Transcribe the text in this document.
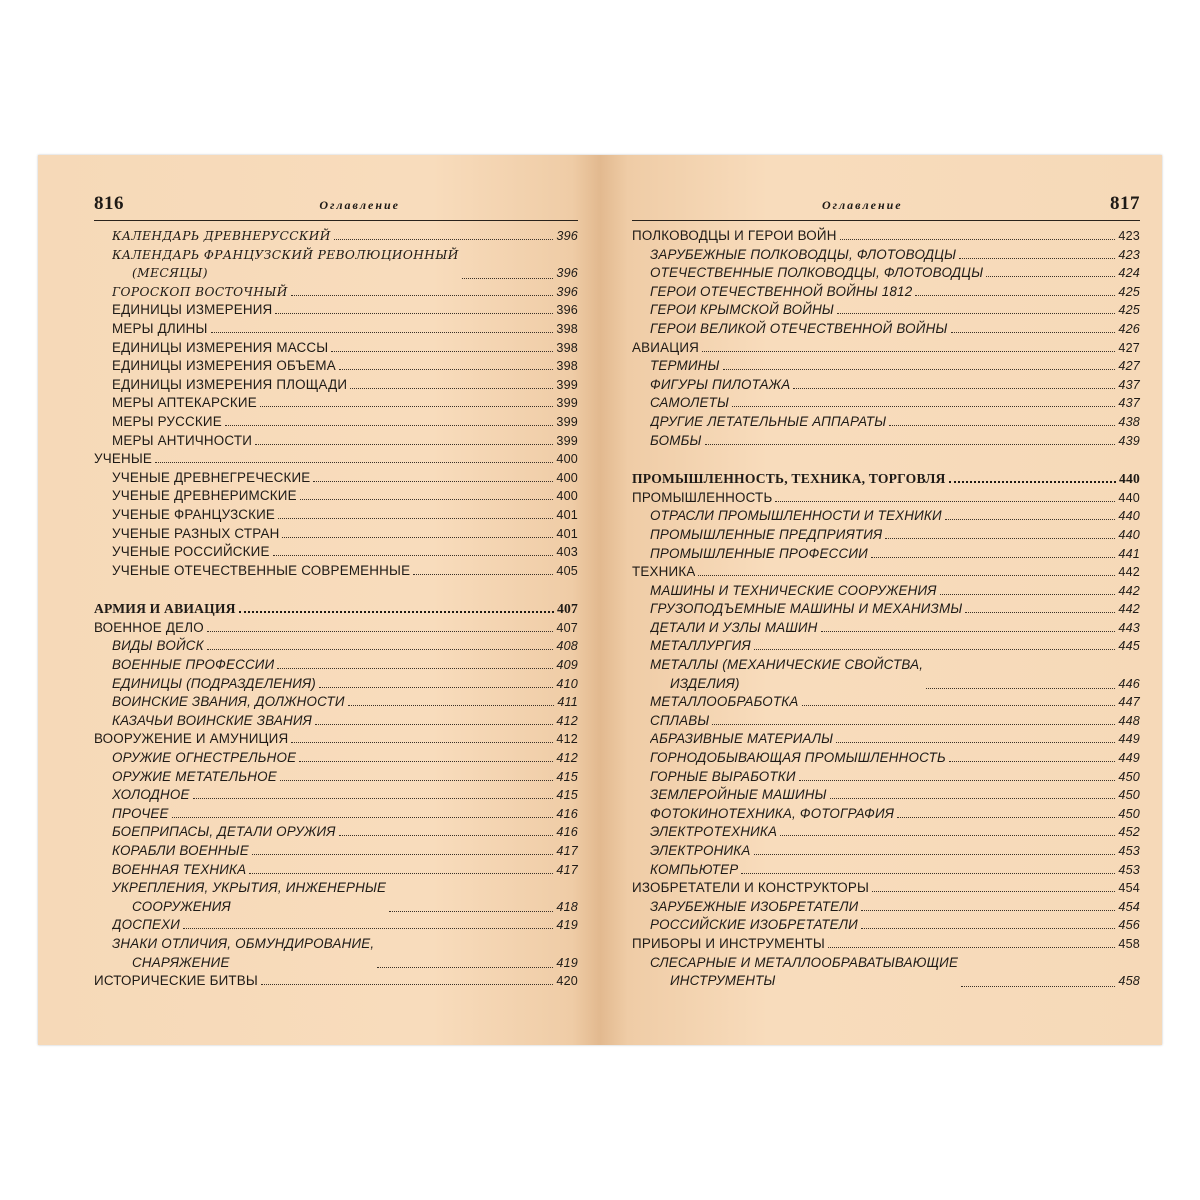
816	Оглавление
КАЛЕНДАРЬ ДРЕВНЕРУССКИЙ	396
КАЛЕНДАРЬ ФРАНЦУЗСКИЙ РЕВОЛЮЦИОННЫЙ
(МЕСЯЦЫ)	396
ГОРОСКОП ВОСТОЧНЫЙ	396
ЕДИНИЦЫ ИЗМЕРЕНИЯ	396
МЕРЫ ДЛИНЫ	398
ЕДИНИЦЫ ИЗМЕРЕНИЯ МАССЫ	398
ЕДИНИЦЫ ИЗМЕРЕНИЯ ОБЪЕМА	398
ЕДИНИЦЫ ИЗМЕРЕНИЯ ПЛОЩАДИ	399
МЕРЫ АПТЕКАРСКИЕ	399
МЕРЫ РУССКИЕ	399
МЕРЫ АНТИЧНОСТИ	399
УЧЕНЫЕ	400
УЧЕНЫЕ ДРЕВНЕГРЕЧЕСКИЕ	400
УЧЕНЫЕ ДРЕВНЕРИМСКИЕ	400
УЧЕНЫЕ ФРАНЦУЗСКИЕ	401
УЧЕНЫЕ РАЗНЫХ СТРАН	401
УЧЕНЫЕ РОССИЙСКИЕ	403
УЧЕНЫЕ ОТЕЧЕСТВЕННЫЕ СОВРЕМЕННЫЕ	405
АРМИЯ И АВИАЦИЯ	407
ВОЕННОЕ ДЕЛО	407
ВИДЫ ВОЙСК	408
ВОЕННЫЕ ПРОФЕССИИ	409
ЕДИНИЦЫ (ПОДРАЗДЕЛЕНИЯ)	410
ВОИНСКИЕ ЗВАНИЯ, ДОЛЖНОСТИ	411
КАЗАЧЬИ ВОИНСКИЕ ЗВАНИЯ	412
ВООРУЖЕНИЕ И АМУНИЦИЯ	412
ОРУЖИЕ ОГНЕСТРЕЛЬНОЕ	412
ОРУЖИЕ МЕТАТЕЛЬНОЕ	415
ХОЛОДНОЕ	415
ПРОЧЕЕ	416
БОЕПРИПАСЫ, ДЕТАЛИ ОРУЖИЯ	416
КОРАБЛИ ВОЕННЫЕ	417
ВОЕННАЯ ТЕХНИКА	417
УКРЕПЛЕНИЯ, УКРЫТИЯ, ИНЖЕНЕРНЫЕ
СООРУЖЕНИЯ	418
ДОСПЕХИ	419
ЗНАКИ ОТЛИЧИЯ, ОБМУНДИРОВАНИЕ,
СНАРЯЖЕНИЕ	419
ИСТОРИЧЕСКИЕ БИТВЫ	420
Оглавление	817
ПОЛКОВОДЦЫ И ГЕРОИ ВОЙН	423
ЗАРУБЕЖНЫЕ ПОЛКОВОДЦЫ, ФЛОТОВОДЦЫ	423
ОТЕЧЕСТВЕННЫЕ ПОЛКОВОДЦЫ, ФЛОТОВОДЦЫ	424
ГЕРОИ ОТЕЧЕСТВЕННОЙ ВОЙНЫ 1812	425
ГЕРОИ КРЫМСКОЙ ВОЙНЫ	425
ГЕРОИ ВЕЛИКОЙ ОТЕЧЕСТВЕННОЙ ВОЙНЫ	426
АВИАЦИЯ	427
ТЕРМИНЫ	427
ФИГУРЫ ПИЛОТАЖА	437
САМОЛЕТЫ	437
ДРУГИЕ ЛЕТАТЕЛЬНЫЕ АППАРАТЫ	438
БОМБЫ	439
ПРОМЫШЛЕННОСТЬ, ТЕХНИКА, ТОРГОВЛЯ	440
ПРОМЫШЛЕННОСТЬ	440
ОТРАСЛИ ПРОМЫШЛЕННОСТИ И ТЕХНИКИ	440
ПРОМЫШЛЕННЫЕ ПРЕДПРИЯТИЯ	440
ПРОМЫШЛЕННЫЕ ПРОФЕССИИ	441
ТЕХНИКА	442
МАШИНЫ И ТЕХНИЧЕСКИЕ СООРУЖЕНИЯ	442
ГРУЗОПОДЪЕМНЫЕ МАШИНЫ И МЕХАНИЗМЫ	442
ДЕТАЛИ И УЗЛЫ МАШИН	443
МЕТАЛЛУРГИЯ	445
МЕТАЛЛЫ (МЕХАНИЧЕСКИЕ СВОЙСТВА,
ИЗДЕЛИЯ)	446
МЕТАЛЛООБРАБОТКА	447
СПЛАВЫ	448
АБРАЗИВНЫЕ МАТЕРИАЛЫ	449
ГОРНОДОБЫВАЮЩАЯ ПРОМЫШЛЕННОСТЬ	449
ГОРНЫЕ ВЫРАБОТКИ	450
ЗЕМЛЕРОЙНЫЕ МАШИНЫ	450
ФОТОКИНОТЕХНИКА, ФОТОГРАФИЯ	450
ЭЛЕКТРОТЕХНИКА	452
ЭЛЕКТРОНИКА	453
КОМПЬЮТЕР	453
ИЗОБРЕТАТЕЛИ И КОНСТРУКТОРЫ	454
ЗАРУБЕЖНЫЕ ИЗОБРЕТАТЕЛИ	454
РОССИЙСКИЕ ИЗОБРЕТАТЕЛИ	456
ПРИБОРЫ И ИНСТРУМЕНТЫ	458
СЛЕСАРНЫЕ И МЕТАЛЛООБРАВАТЫВАЮЩИЕ
ИНСТРУМЕНТЫ	458
